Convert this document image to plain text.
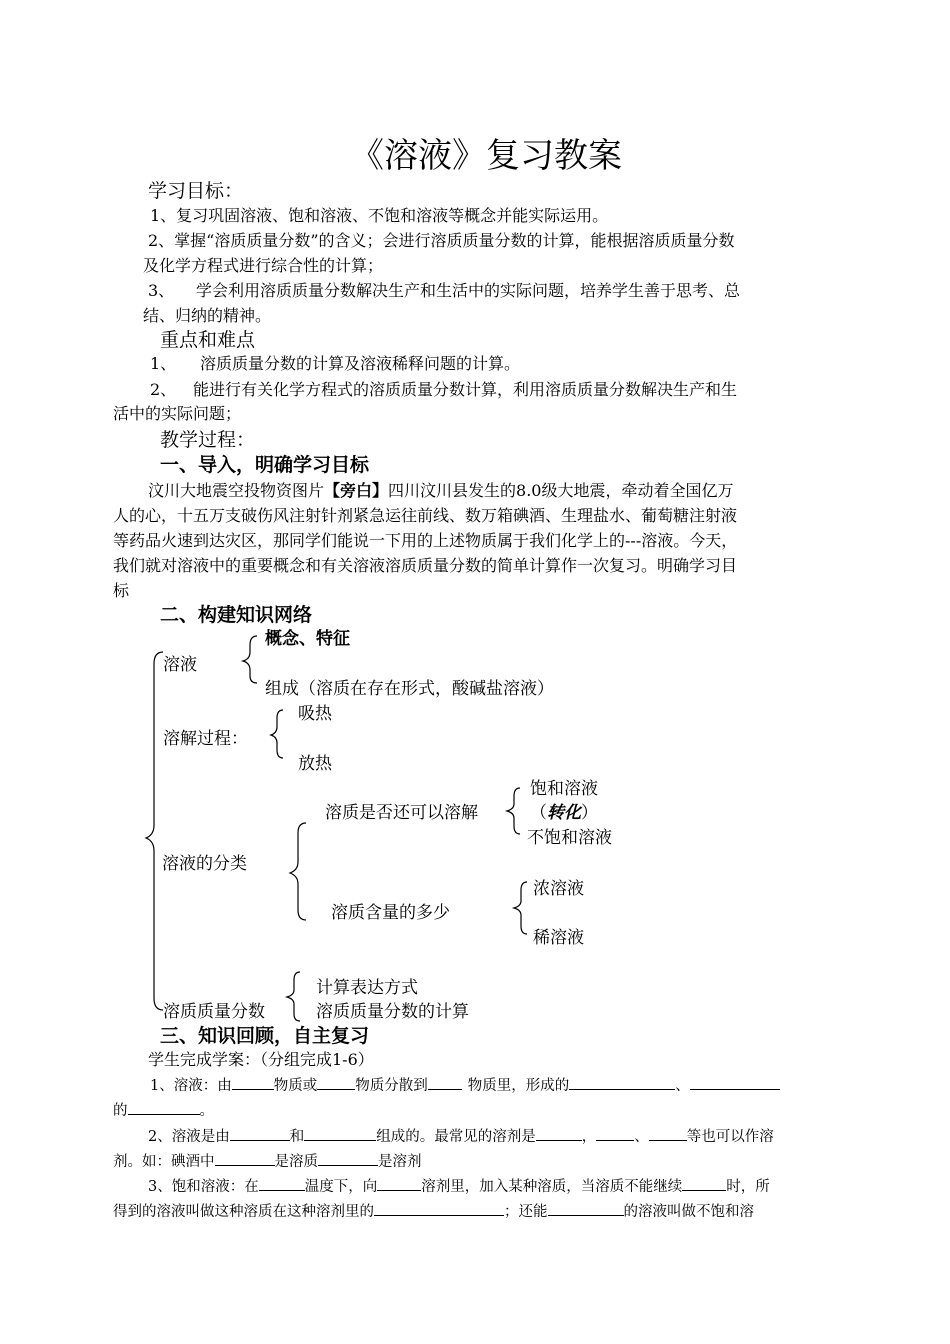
《溶液》复习教案
学习目标：
1、复习巩固溶液、饱和溶液、不饱和溶液等概念并能实际运用。
2、掌握“溶质质量分数”的含义；会进行溶质质量分数的计算，能根据溶质质量分数
及化学方程式进行综合性的计算；
3、 学会利用溶质质量分数解决生产和生活中的实际问题，培养学生善于思考、总
结、归纳的精神。
重点和难点
1、 溶质质量分数的计算及溶液稀释问题的计算。
2、 能进行有关化学方程式的溶质质量分数计算，利用溶质质量分数解决生产和生
活中的实际问题；
教学过程：
一、导入，明确学习目标
汶川大地震空投物资图片【旁白】四川汶川县发生的8.0级大地震，牵动着全国亿万
人的心，十五万支破伤风注射针剂紧急运往前线、数万箱碘酒、生理盐水、葡萄糖注射液
等药品火速到达灾区，那同学们能说一下用的上述物质属于我们化学上的---溶液。今天，
我们就对溶液中的重要概念和有关溶液溶质质量分数的简单计算作一次复习。明确学习目
标
二、构建知识网络
溶液
概念、特征
组成（溶质在存在形式，酸碱盐溶液）
溶解过程：
吸热
放热
溶液的分类
溶质是否还可以溶解
饱和溶液
（转化）
不饱和溶液
溶质含量的多少
浓溶液
稀溶液
溶质质量分数
计算表达方式
溶质质量分数的计算
三、知识回顾，自主复习
学生完成学案：（分组完成1-6）
1、溶液：由	物质或	物质分散到	物质里，形成的	、
的	。
2、溶液是由	和	组成的。最常见的溶剂是	，	、	等也可以作溶
剂。如：碘酒中	是溶质	是溶剂
3、饱和溶液：在	温度下，向	溶剂里，加入某种溶质，当溶质不能继续	时，所
得到的溶液叫做这种溶质在这种溶剂里的	；还能	的溶液叫做不饱和溶
